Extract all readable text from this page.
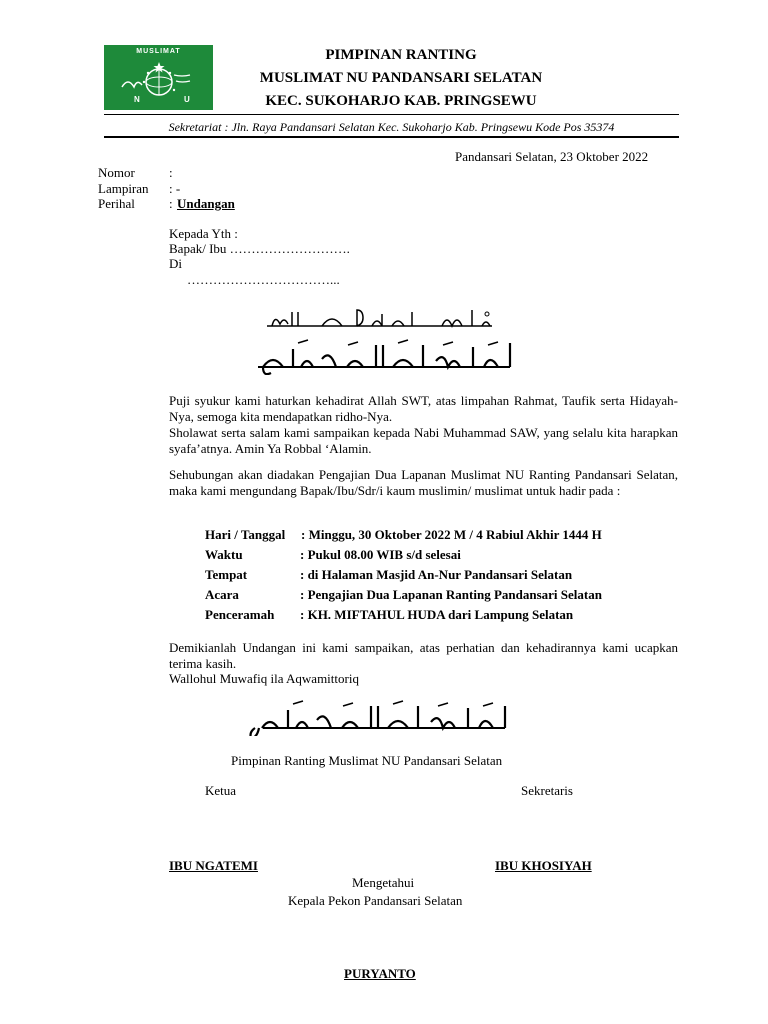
MUSLIMAT
N	U
PIMPINAN RANTING
MUSLIMAT NU PANDANSARI SELATAN
KEC. SUKOHARJO KAB. PRINGSEWU
Sekretariat : Jln. Raya Pandansari Selatan Kec. Sukoharjo Kab. Pringsewu Kode Pos 35374
Pandansari Selatan, 23 Oktober 2022
Nomor	:
Lampiran : -
Perihal	: Undangan
Kepada Yth :
Bapak/ Ibu ……………………….
Di
……………………………...
Puji syukur kami haturkan kehadirat Allah SWT, atas limpahan Rahmat, Taufik serta Hidayah-Nya, semoga kita mendapatkan ridho-Nya.
Sholawat serta salam kami sampaikan kepada Nabi Muhammad SAW, yang selalu kita harapkan syafa’atnya. Amin Ya Robbal ‘Alamin.
Sehubungan akan diadakan Pengajian Dua Lapanan Muslimat NU Ranting Pandansari Selatan, maka kami mengundang Bapak/Ibu/Sdr/i kaum muslimin/ muslimat untuk hadir pada :
Hari / Tanggal : Minggu, 30 Oktober 2022 M / 4 Rabiul Akhir 1444 H
Waktu	: Pukul 08.00 WIB s/d selesai
Tempat	: di Halaman Masjid An-Nur Pandansari Selatan
Acara	: Pengajian Dua Lapanan Ranting Pandansari Selatan
Penceramah : KH. MIFTAHUL HUDA dari Lampung Selatan
Demikianlah Undangan ini kami sampaikan, atas perhatian dan kehadirannya kami ucapkan terima kasih.
Wallohul Muwafiq ila Aqwamittoriq
Pimpinan Ranting Muslimat NU Pandansari Selatan
Ketua	Sekretaris
IBU NGATEMI	IBU KHOSIYAH
Mengetahui
Kepala Pekon Pandansari Selatan
PURYANTO
